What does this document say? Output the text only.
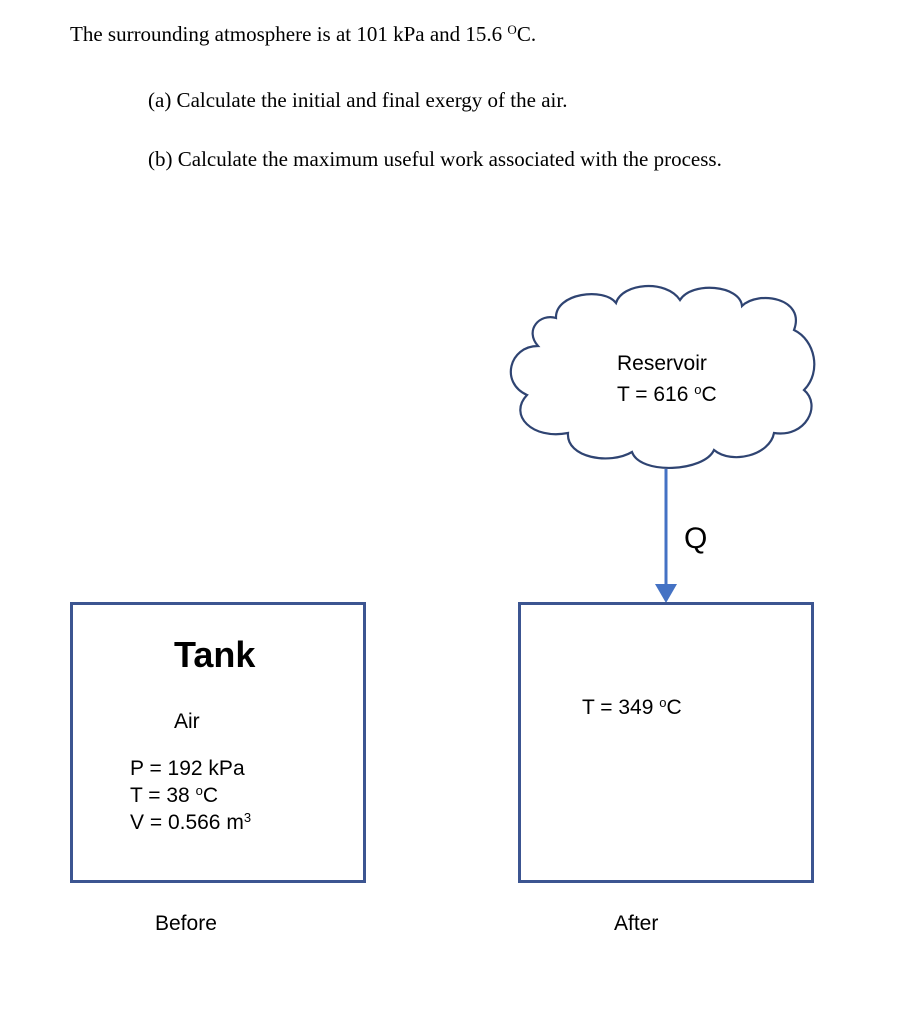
The surrounding atmosphere is at 101 kPa and 15.6 $^O$C.
(a) Calculate the initial and final exergy of the air.
(b) Calculate the maximum useful work associated with the process.
Reservoir
T = 616 $^o$C
Q
Tank
Air
P = 192 kPa
T = 38 $^o$C
V = 0.566 $m^3$
Before
T = 349 $^o$C
After
